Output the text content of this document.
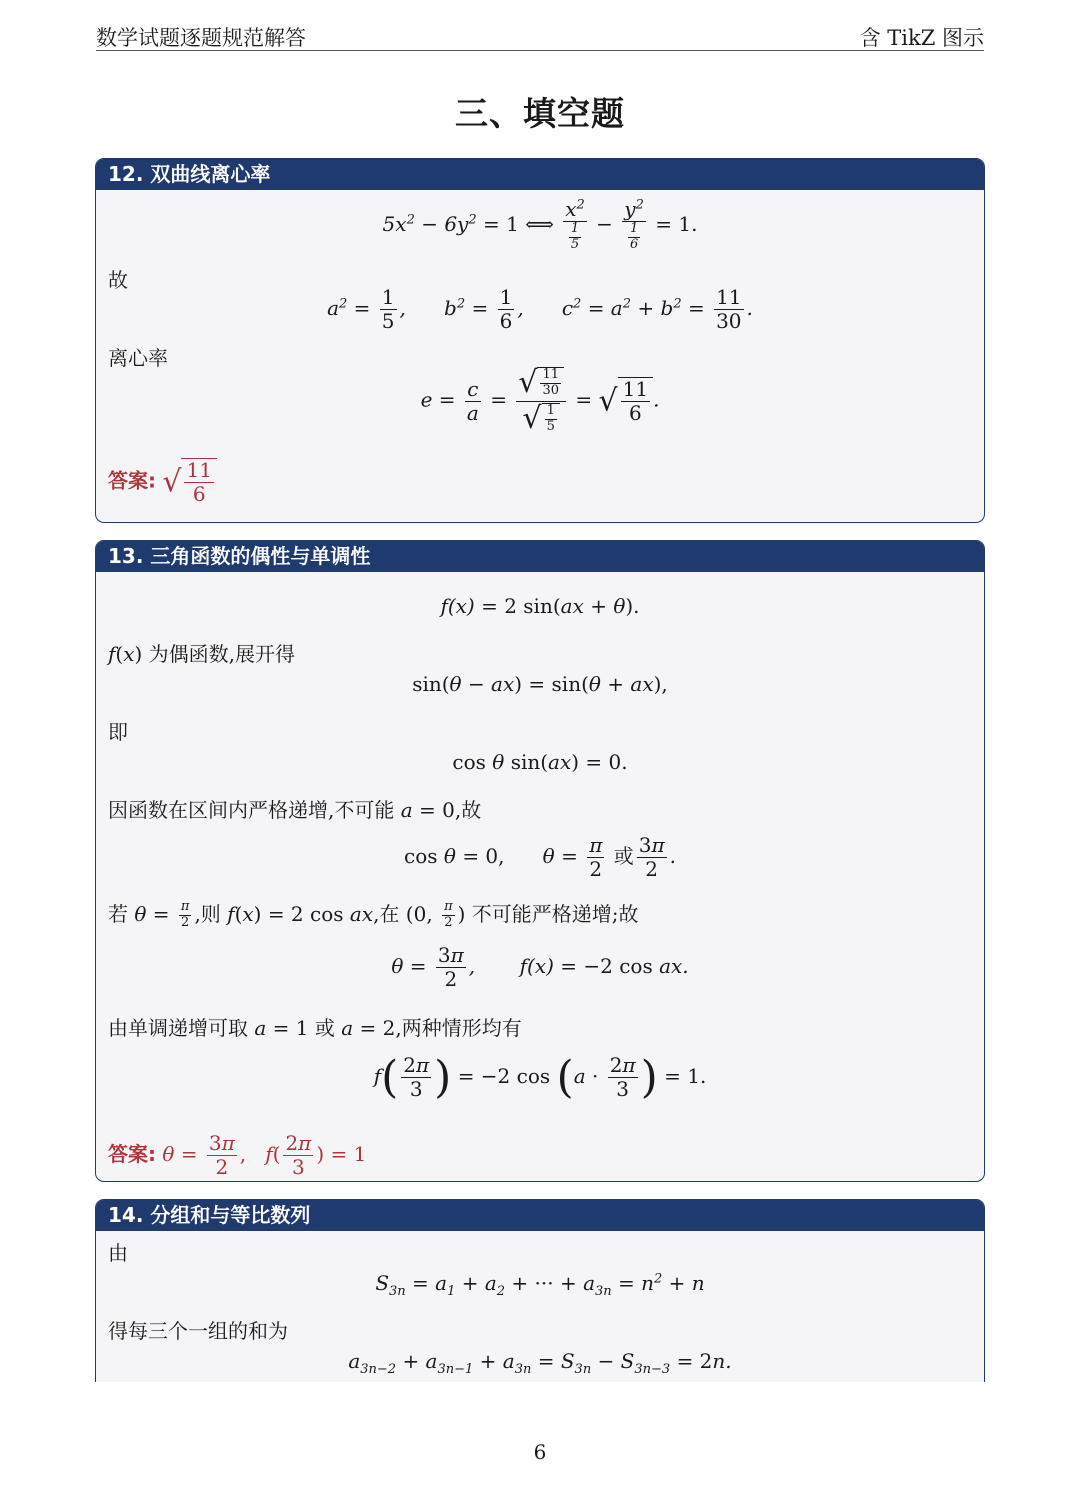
数学试题逐题规范解答	含 TikZ 图示
三、填空题
12. 双曲线离心率
$5x^2 - 6y^2 = 1$ ⟺ $\frac{x^2}{\frac{1}{5}} - \frac{y^2}{\frac{1}{6}} = 1$.
故
$a^2 = \frac{1}{5}$ ,      $b^2 = \frac{1}{6}$ ,      $c^2 = a^2 + b^2 = \frac{11}{30}$ .
离心率
$e = \frac{c}{a} = \frac{√ \frac{11}{30}}{√ \frac{1}{5}}$ = √ $\frac{11}{6}$ .
答案: √ $\frac{11}{6}$
13. 三角函数的偶性与单调性
f(x) = 2 sin(ax + θ).
f(x) 为偶函数,展开得
sin(θ − ax) = sin(θ + ax),
即
cos θ sin(ax) = 0.
因函数在区间内严格递增,不可能 a = 0,故
cos θ = 0,      $\theta = \frac{\pi}{2}$ 或 $\frac{3\pi}{2}$ .
若 $\theta = \frac{\pi}{2}$ ,则 f(x) = 2 cos ax,在 (0, $\frac{\pi}{2}$ ) 不可能严格递增;故
$\theta = \frac{3\pi}{2}$ ,       f(x) = −2 cos ax.
由单调递增可取 a = 1 或 a = 2,两种情形均有
$f( \frac{2\pi}{3}$ ) = −2 $\cos (a \cdot \frac{2\pi}{3}$ ) = 1.
答案: $\theta = \frac{3\pi}{2}$ ,   $f( \frac{2\pi}{3}$ ) = 1
14. 分组和与等比数列
由
$S_{3n} = a_1 + a_2$ + ··· + $a_{3n} = n^2 + n$
得每三个一组的和为
$a_{3n-2} + a_{3n-1} + a_{3n} = S_{3n} - S_{3n-3} = 2n$.
6
